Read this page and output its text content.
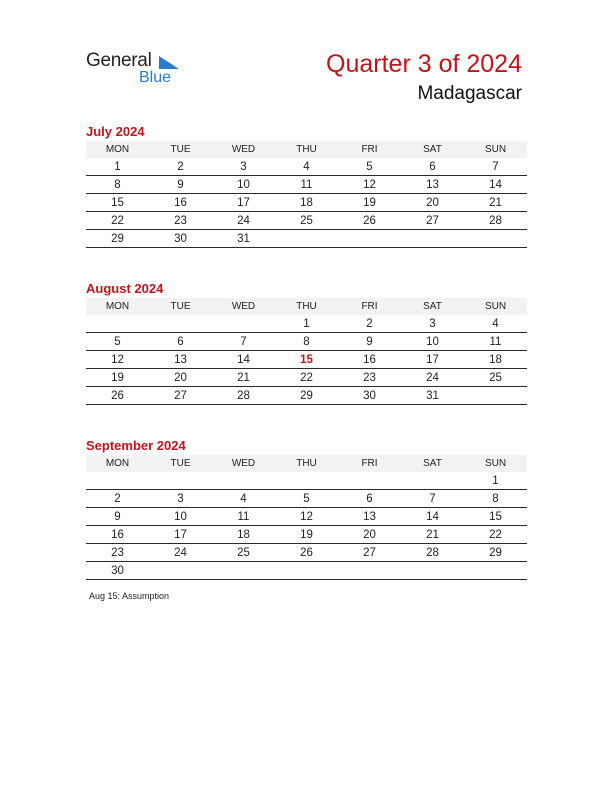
General
Blue	Quarter 3 of 2024
Madagascar
July 2024
MON	TUE	WED	THU	FRI	SAT	SUN
1	2	3	4	5	6	7
8	9	10	11	12	13	14
15	16	17	18	19	20	21
22	23	24	25	26	27	28
29	30	31				
August 2024
MON	TUE	WED	THU	FRI	SAT	SUN
			1	2	3	4
5	6	7	8	9	10	11
12	13	14	15	16	17	18
19	20	21	22	23	24	25
26	27	28	29	30	31	
September 2024
MON	TUE	WED	THU	FRI	SAT	SUN
						1
2	3	4	5	6	7	8
9	10	11	12	13	14	15
16	17	18	19	20	21	22
23	24	25	26	27	28	29
30						
Aug 15: Assumption
